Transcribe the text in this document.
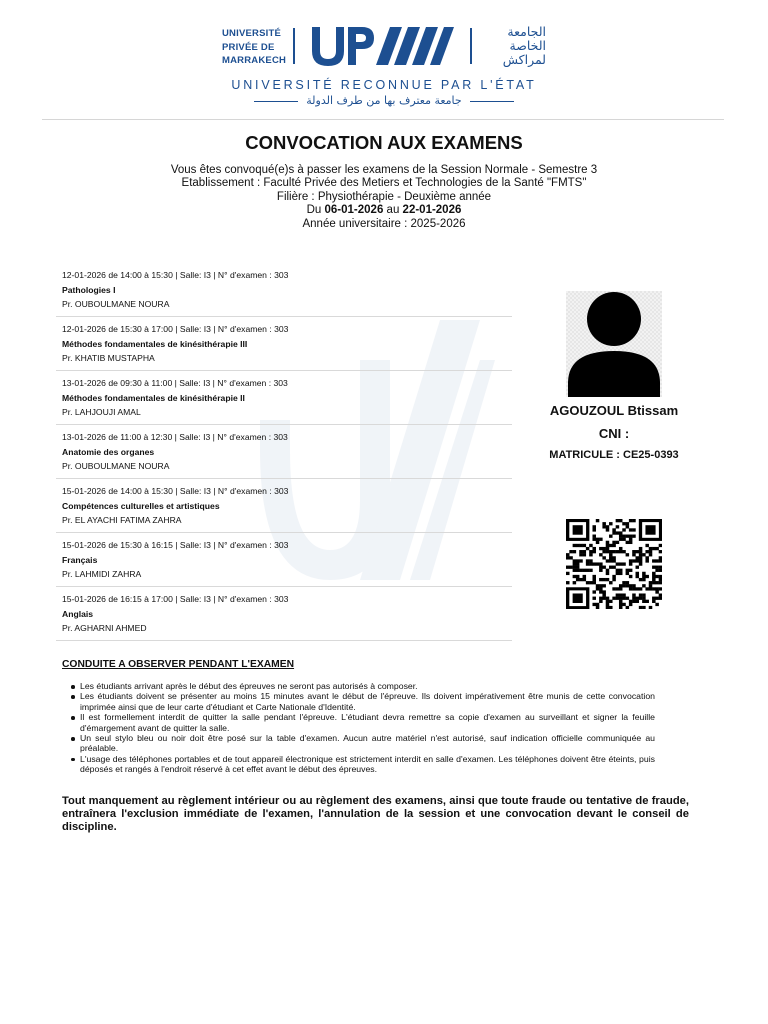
UNIVERSITÉ
PRIVÉE DE
MARRAKECH
الجامعة
الخاصة
لمراكش
UNIVERSITÉ RECONNUE PAR L'ÉTAT
جامعة معترف بها من طرف الدولة
CONVOCATION AUX EXAMENS
Vous êtes convoqué(e)s à passer les examens de la Session Normale - Semestre 3
Etablissement : Faculté Privée des Metiers et Technologies de la Santé "FMTS"
Filière : Physiothérapie - Deuxième année
Du 06-01-2026 au 22-01-2026
Année universitaire : 2025-2026
12-01-2026 de 14:00 à 15:30 | Salle: I3 | N° d'examen : 303
Pathologies I
Pr. OUBOULMANE NOURA
12-01-2026 de 15:30 à 17:00 | Salle: I3 | N° d'examen : 303
Méthodes fondamentales de kinésithérapie III
Pr. KHATIB MUSTAPHA
13-01-2026 de 09:30 à 11:00 | Salle: I3 | N° d'examen : 303
Méthodes fondamentales de kinésithérapie II
Pr. LAHJOUJI AMAL
13-01-2026 de 11:00 à 12:30 | Salle: I3 | N° d'examen : 303
Anatomie des organes
Pr. OUBOULMANE NOURA
15-01-2026 de 14:00 à 15:30 | Salle: I3 | N° d'examen : 303
Compétences culturelles et artistiques
Pr. EL AYACHI FATIMA ZAHRA
15-01-2026 de 15:30 à 16:15 | Salle: I3 | N° d'examen : 303
Français
Pr. LAHMIDI ZAHRA
15-01-2026 de 16:15 à 17:00 | Salle: I3 | N° d'examen : 303
Anglais
Pr. AGHARNI AHMED
AGOUZOUL Btissam
CNI :
MATRICULE : CE25-0393
CONDUITE A OBSERVER PENDANT L'EXAMEN
Les étudiants arrivant après le début des épreuves ne seront pas autorisés à composer.
Les étudiants doivent se présenter au moins 15 minutes avant le début de l'épreuve. Ils doivent impérativement être munis de cette convocation imprimée ainsi que de leur carte d'étudiant et Carte Nationale d'Identité.
Il est formellement interdit de quitter la salle pendant l'épreuve. L'étudiant devra remettre sa copie d'examen au surveillant et signer la feuille d'émargement avant de quitter la salle.
Un seul stylo bleu ou noir doit être posé sur la table d'examen. Aucun autre matériel n'est autorisé, sauf indication officielle communiquée au préalable.
L'usage des téléphones portables et de tout appareil électronique est strictement interdit en salle d'examen. Les téléphones doivent être éteints, puis déposés et rangés à l'endroit réservé à cet effet avant le début des épreuves.
Tout manquement au règlement intérieur ou au règlement des examens, ainsi que toute fraude ou tentative de fraude, entraînera l'exclusion immédiate de l'examen, l'annulation de la session et une convocation devant le conseil de discipline.
